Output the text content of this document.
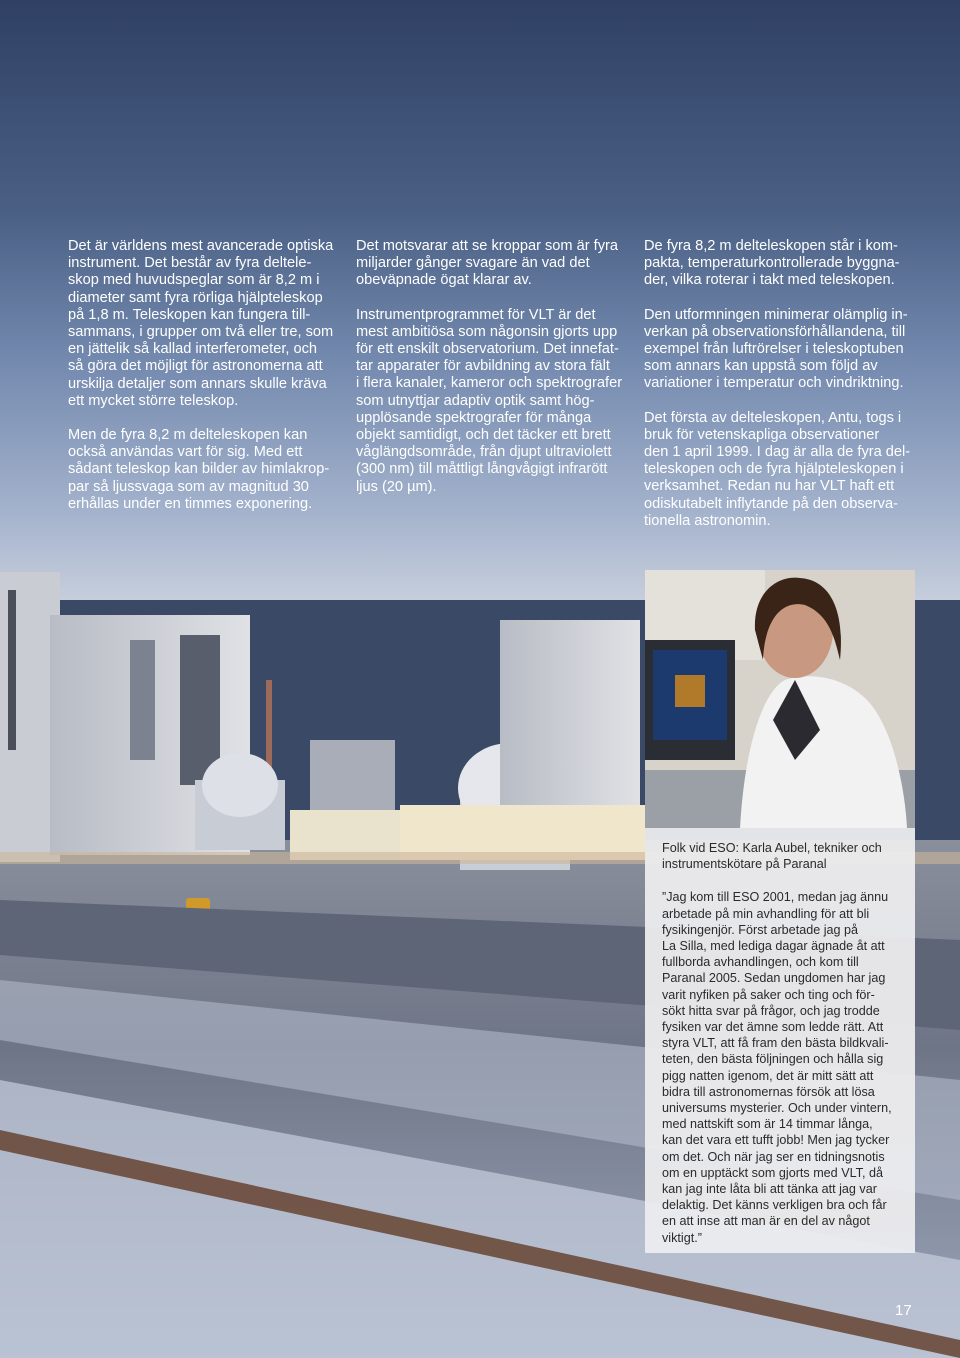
Det är världens mest avancerade optiska
instrument. Det består av fyra deltele-
skop med huvudspeglar som är 8,2 m i
diameter samt fyra rörliga hjälpteleskop
på 1,8 m. Teleskopen kan fungera till-
sammans, i grupper om två eller tre, som
en jättelik så kallad interferometer, och
så göra det möjligt för astronomerna att
urskilja detaljer som annars skulle kräva
ett mycket större teleskop.

Men de fyra 8,2 m delteleskopen kan
också användas vart för sig. Med ett
sådant teleskop kan bilder av himlakrop-
par så ljussvaga som av magnitud 30
erhållas under en timmes exponering.

Det motsvarar att se kroppar som är fyra
miljarder gånger svagare än vad det
obeväpnade ögat klarar av.

Instrumentprogrammet för VLT är det
mest ambitiösa som någonsin gjorts upp
för ett enskilt observatorium. Det innefat-
tar apparater för avbildning av stora fält
i flera kanaler, kameror och spektrografer
som utnyttjar adaptiv optik samt hög-
upplösande spektrografer för många
objekt samtidigt, och det täcker ett brett
våglängdsområde, från djupt ultraviolett
(300 nm) till måttligt långvågigt infrarött
ljus (20 µm).

De fyra 8,2 m delteleskopen står i kom-
pakta, temperaturkontrollerade byggna-
der, vilka roterar i takt med teleskopen.

Den utformningen minimerar olämplig in-
verkan på observationsförhållandena, till
exempel från luftrörelser i teleskoptuben
som annars kan uppstå som följd av
variationer i temperatur och vindriktning.

Det första av delteleskopen, Antu, togs i
bruk för vetenskapliga observationer
den 1 april 1999. I dag är alla de fyra del-
teleskopen och de fyra hjälpteleskopen i
verksamhet. Redan nu har VLT haft ett
odiskutabelt inflytande på den observa-
tionella astronomin.

Folk vid ESO: Karla Aubel, tekniker och
instrumentskötare på Paranal

”Jag kom till ESO 2001, medan jag ännu
arbetade på min avhandling för att bli
fysikingenjör. Först arbetade jag på
La Silla, med lediga dagar ägnade åt att
fullborda avhandlingen, och kom till
Paranal 2005. Sedan ungdomen har jag
varit nyfiken på saker och ting och för-
sökt hitta svar på frågor, och jag trodde
fysiken var det ämne som ledde rätt. Att
styra VLT, att få fram den bästa bildkvali-
teten, den bästa följningen och hålla sig
pigg natten igenom, det är mitt sätt att
bidra till astronomernas försök att lösa
universums mysterier. Och under vintern,
med nattskift som är 14 timmar långa,
kan det vara ett tufft jobb! Men jag tycker
om det. Och när jag ser en tidningsnotis
om en upptäckt som gjorts med VLT, då
kan jag inte låta bli att tänka att jag var
delaktig. Det känns verkligen bra och får
en att inse att man är en del av något
viktigt.”

17
